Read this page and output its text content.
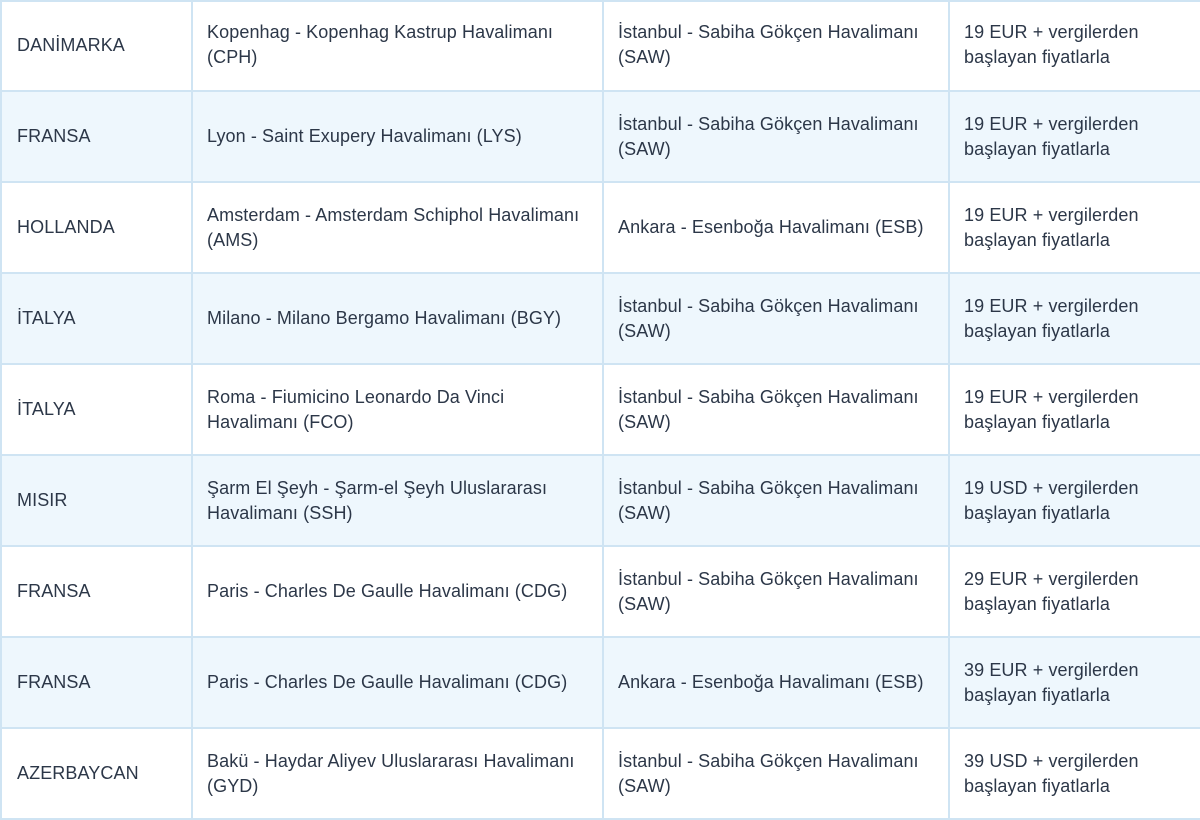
DANİMARKA	Kopenhag - Kopenhag Kastrup Havalimanı (CPH)	İstanbul - Sabiha Gökçen Havalimanı (SAW)	19 EUR + vergilerden başlayan fiyatlarla
FRANSA	Lyon - Saint Exupery Havalimanı (LYS)	İstanbul - Sabiha Gökçen Havalimanı (SAW)	19 EUR + vergilerden başlayan fiyatlarla
HOLLANDA	Amsterdam - Amsterdam Schiphol Havalimanı (AMS)	Ankara - Esenboğa Havalimanı (ESB)	19 EUR + vergilerden başlayan fiyatlarla
İTALYA	Milano - Milano Bergamo Havalimanı (BGY)	İstanbul - Sabiha Gökçen Havalimanı (SAW)	19 EUR + vergilerden başlayan fiyatlarla
İTALYA	Roma - Fiumicino Leonardo Da Vinci Havalimanı (FCO)	İstanbul - Sabiha Gökçen Havalimanı (SAW)	19 EUR + vergilerden başlayan fiyatlarla
MISIR	Şarm El Şeyh - Şarm-el Şeyh Uluslararası Havalimanı (SSH)	İstanbul - Sabiha Gökçen Havalimanı (SAW)	19 USD + vergilerden başlayan fiyatlarla
FRANSA	Paris - Charles De Gaulle Havalimanı (CDG)	İstanbul - Sabiha Gökçen Havalimanı (SAW)	29 EUR + vergilerden başlayan fiyatlarla
FRANSA	Paris - Charles De Gaulle Havalimanı (CDG)	Ankara - Esenboğa Havalimanı (ESB)	39 EUR + vergilerden başlayan fiyatlarla
AZERBAYCAN	Bakü - Haydar Aliyev Uluslararası Havalimanı (GYD)	İstanbul - Sabiha Gökçen Havalimanı (SAW)	39 USD + vergilerden başlayan fiyatlarla
